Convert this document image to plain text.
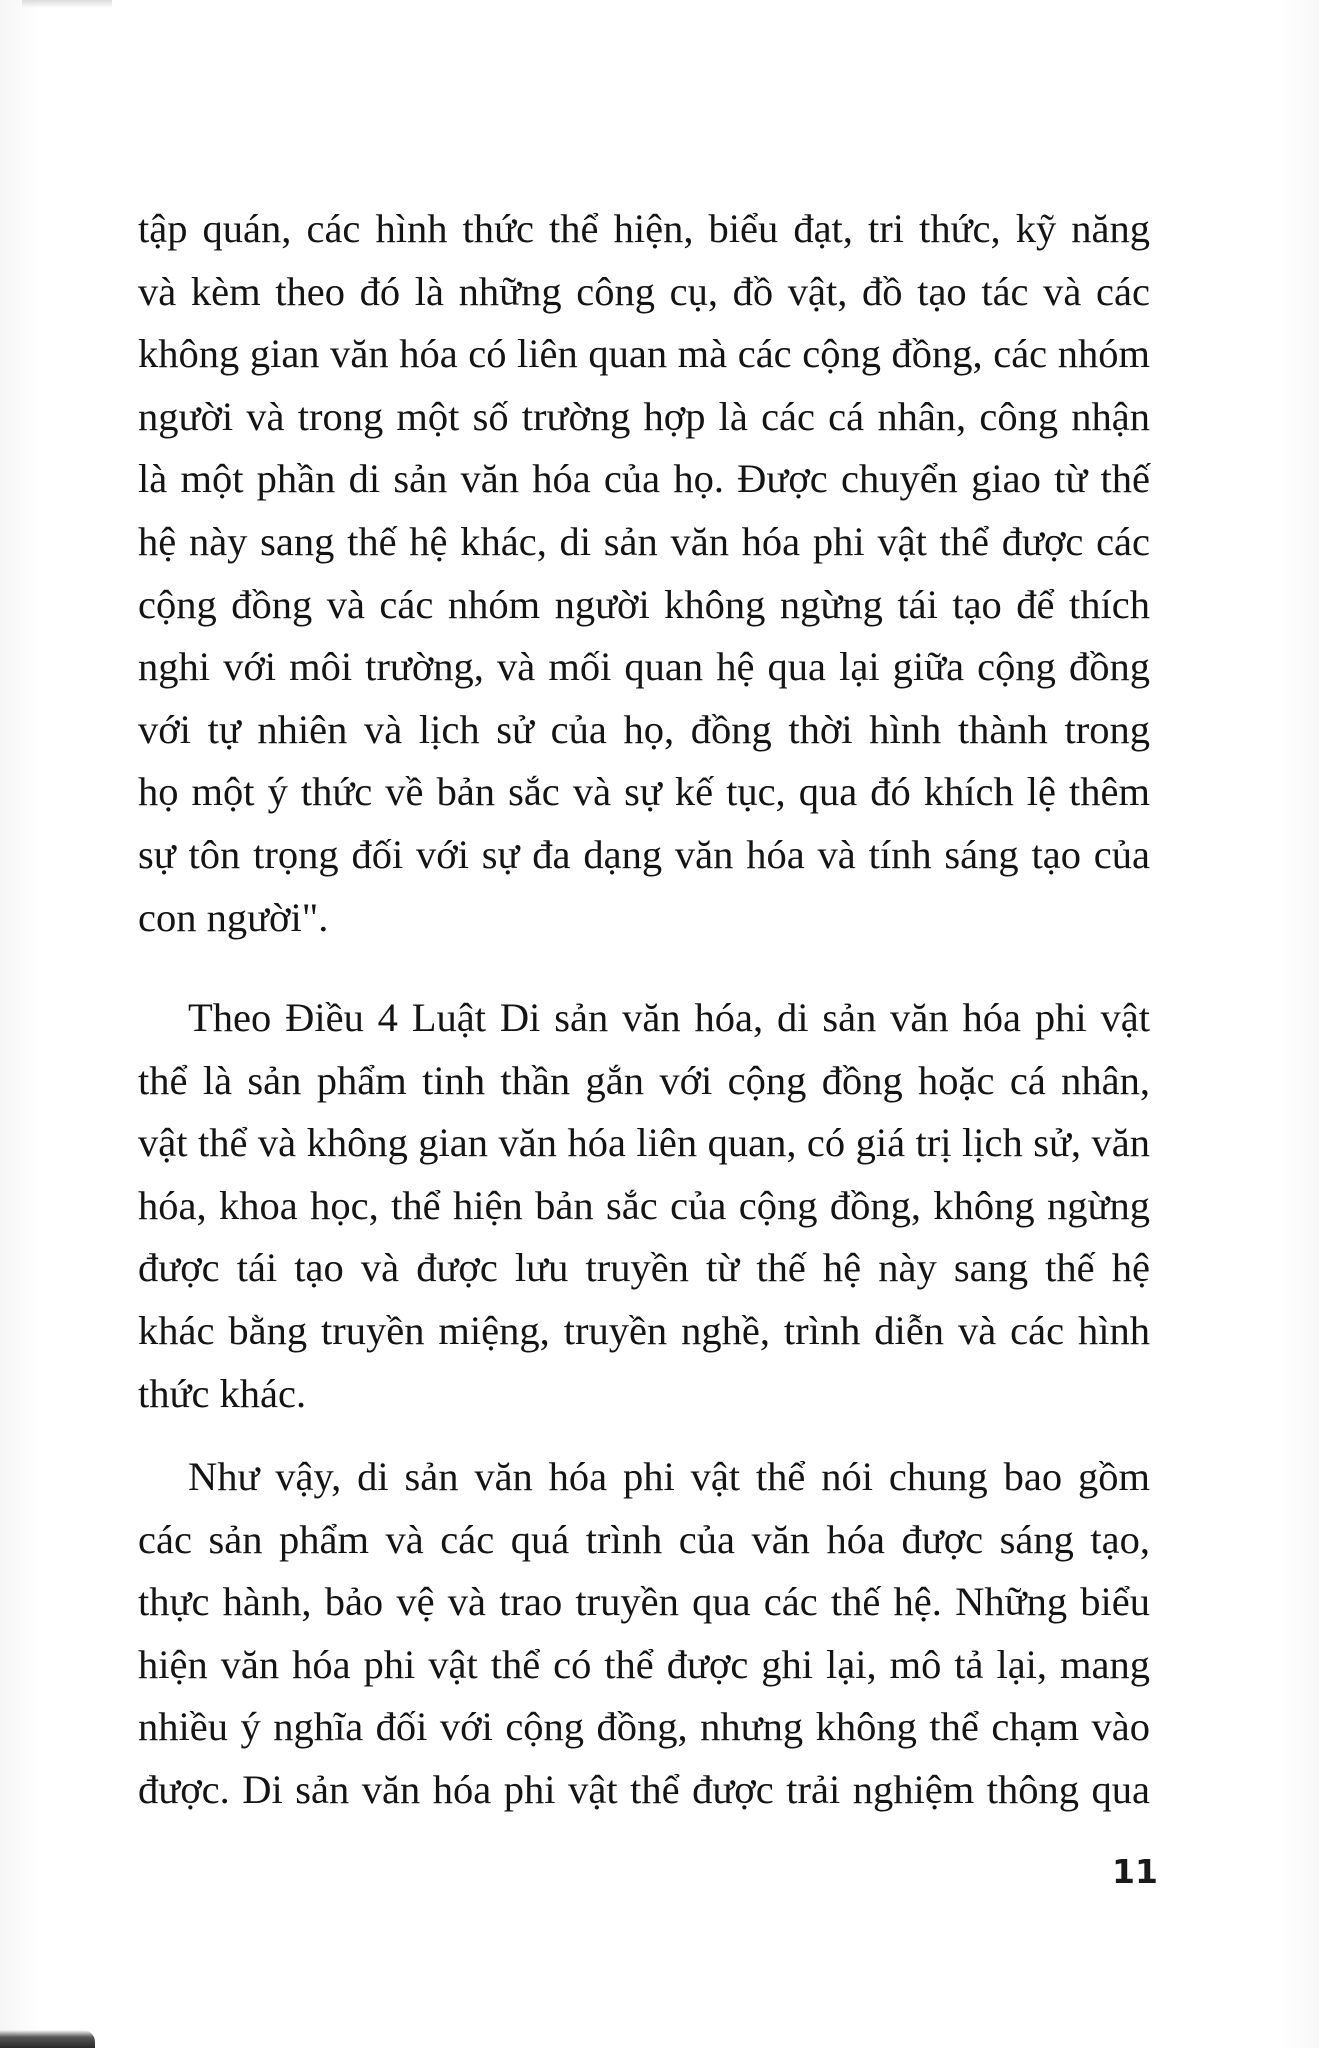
tập quán, các hình thức thể hiện, biểu đạt, tri thức, kỹ năng
và kèm theo đó là những công cụ, đồ vật, đồ tạo tác và các
không gian văn hóa có liên quan mà các cộng đồng, các nhóm
người và trong một số trường hợp là các cá nhân, công nhận
là một phần di sản văn hóa của họ. Được chuyển giao từ thế
hệ này sang thế hệ khác, di sản văn hóa phi vật thể được các
cộng đồng và các nhóm người không ngừng tái tạo để thích
nghi với môi trường, và mối quan hệ qua lại giữa cộng đồng
với tự nhiên và lịch sử của họ, đồng thời hình thành trong
họ một ý thức về bản sắc và sự kế tục, qua đó khích lệ thêm
sự tôn trọng đối với sự đa dạng văn hóa và tính sáng tạo của
con người".
Theo Điều 4 Luật Di sản văn hóa, di sản văn hóa phi vật
thể là sản phẩm tinh thần gắn với cộng đồng hoặc cá nhân,
vật thể và không gian văn hóa liên quan, có giá trị lịch sử, văn
hóa, khoa học, thể hiện bản sắc của cộng đồng, không ngừng
được tái tạo và được lưu truyền từ thế hệ này sang thế hệ
khác bằng truyền miệng, truyền nghề, trình diễn và các hình
thức khác.
Như vậy, di sản văn hóa phi vật thể nói chung bao gồm
các sản phẩm và các quá trình của văn hóa được sáng tạo,
thực hành, bảo vệ và trao truyền qua các thế hệ. Những biểu
hiện văn hóa phi vật thể có thể được ghi lại, mô tả lại, mang
nhiều ý nghĩa đối với cộng đồng, nhưng không thể chạm vào
được. Di sản văn hóa phi vật thể được trải nghiệm thông qua
11
